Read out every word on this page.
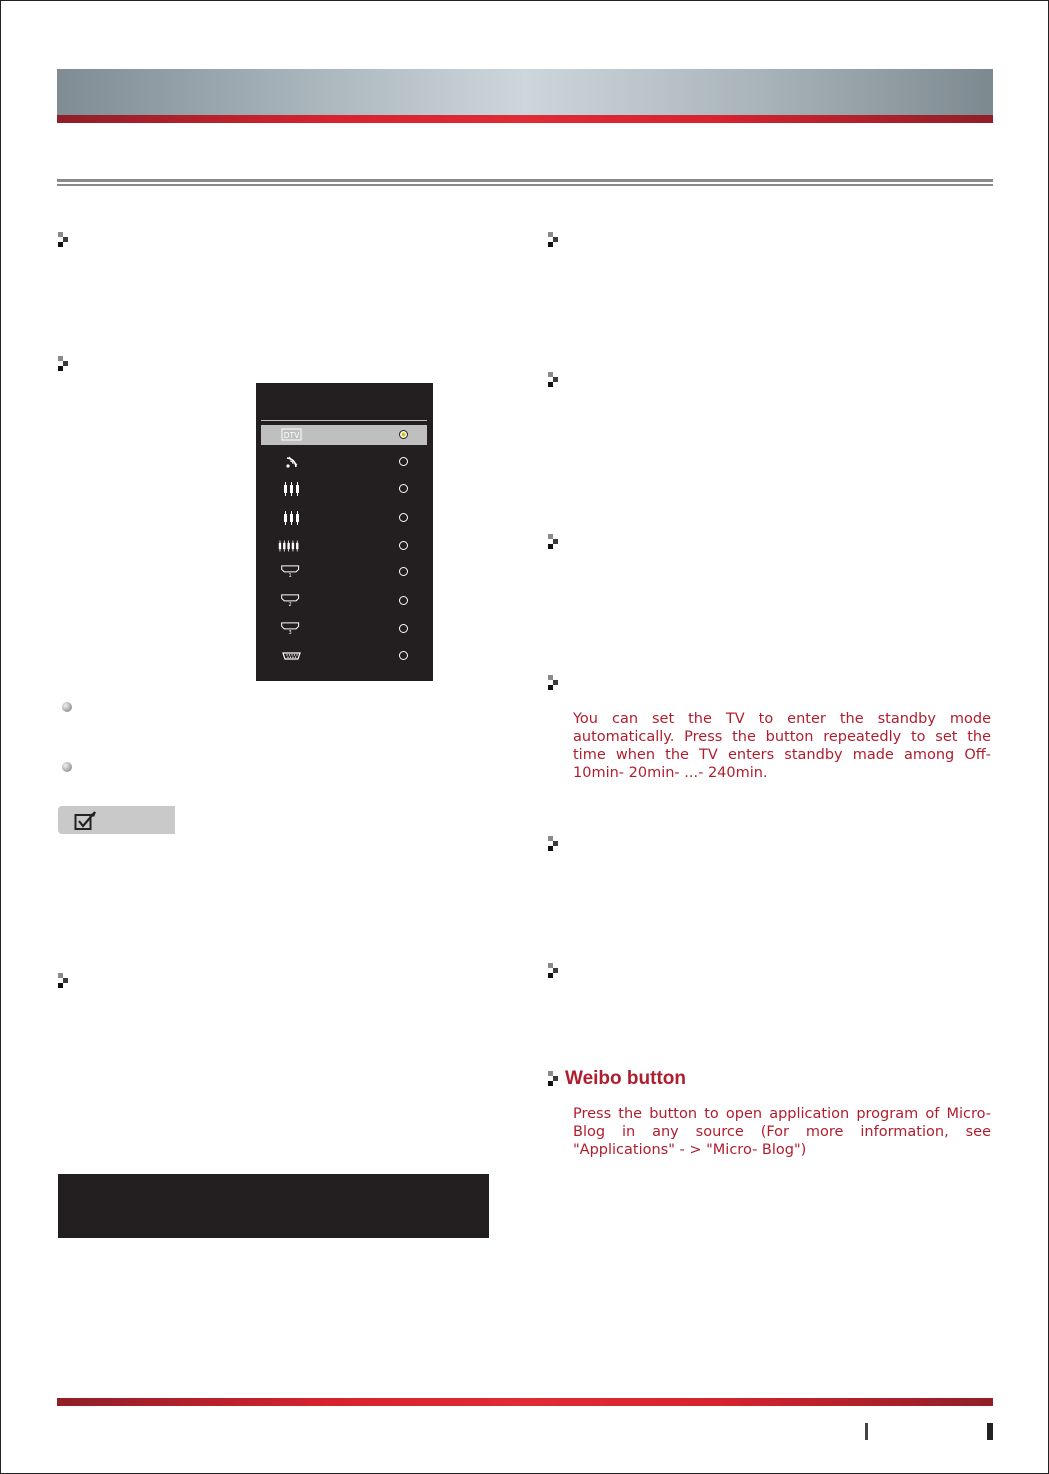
DTV
1
2
3
You can set the TV to enter the standby mode automatically. Press the button repeatedly to set the time when the TV enters standby made among Off- 10min- 20min- ...- 240min.
Weibo button
Press the button to open application program of Micro-Blog in any source (For more information, see "Applications" - > "Micro- Blog")
